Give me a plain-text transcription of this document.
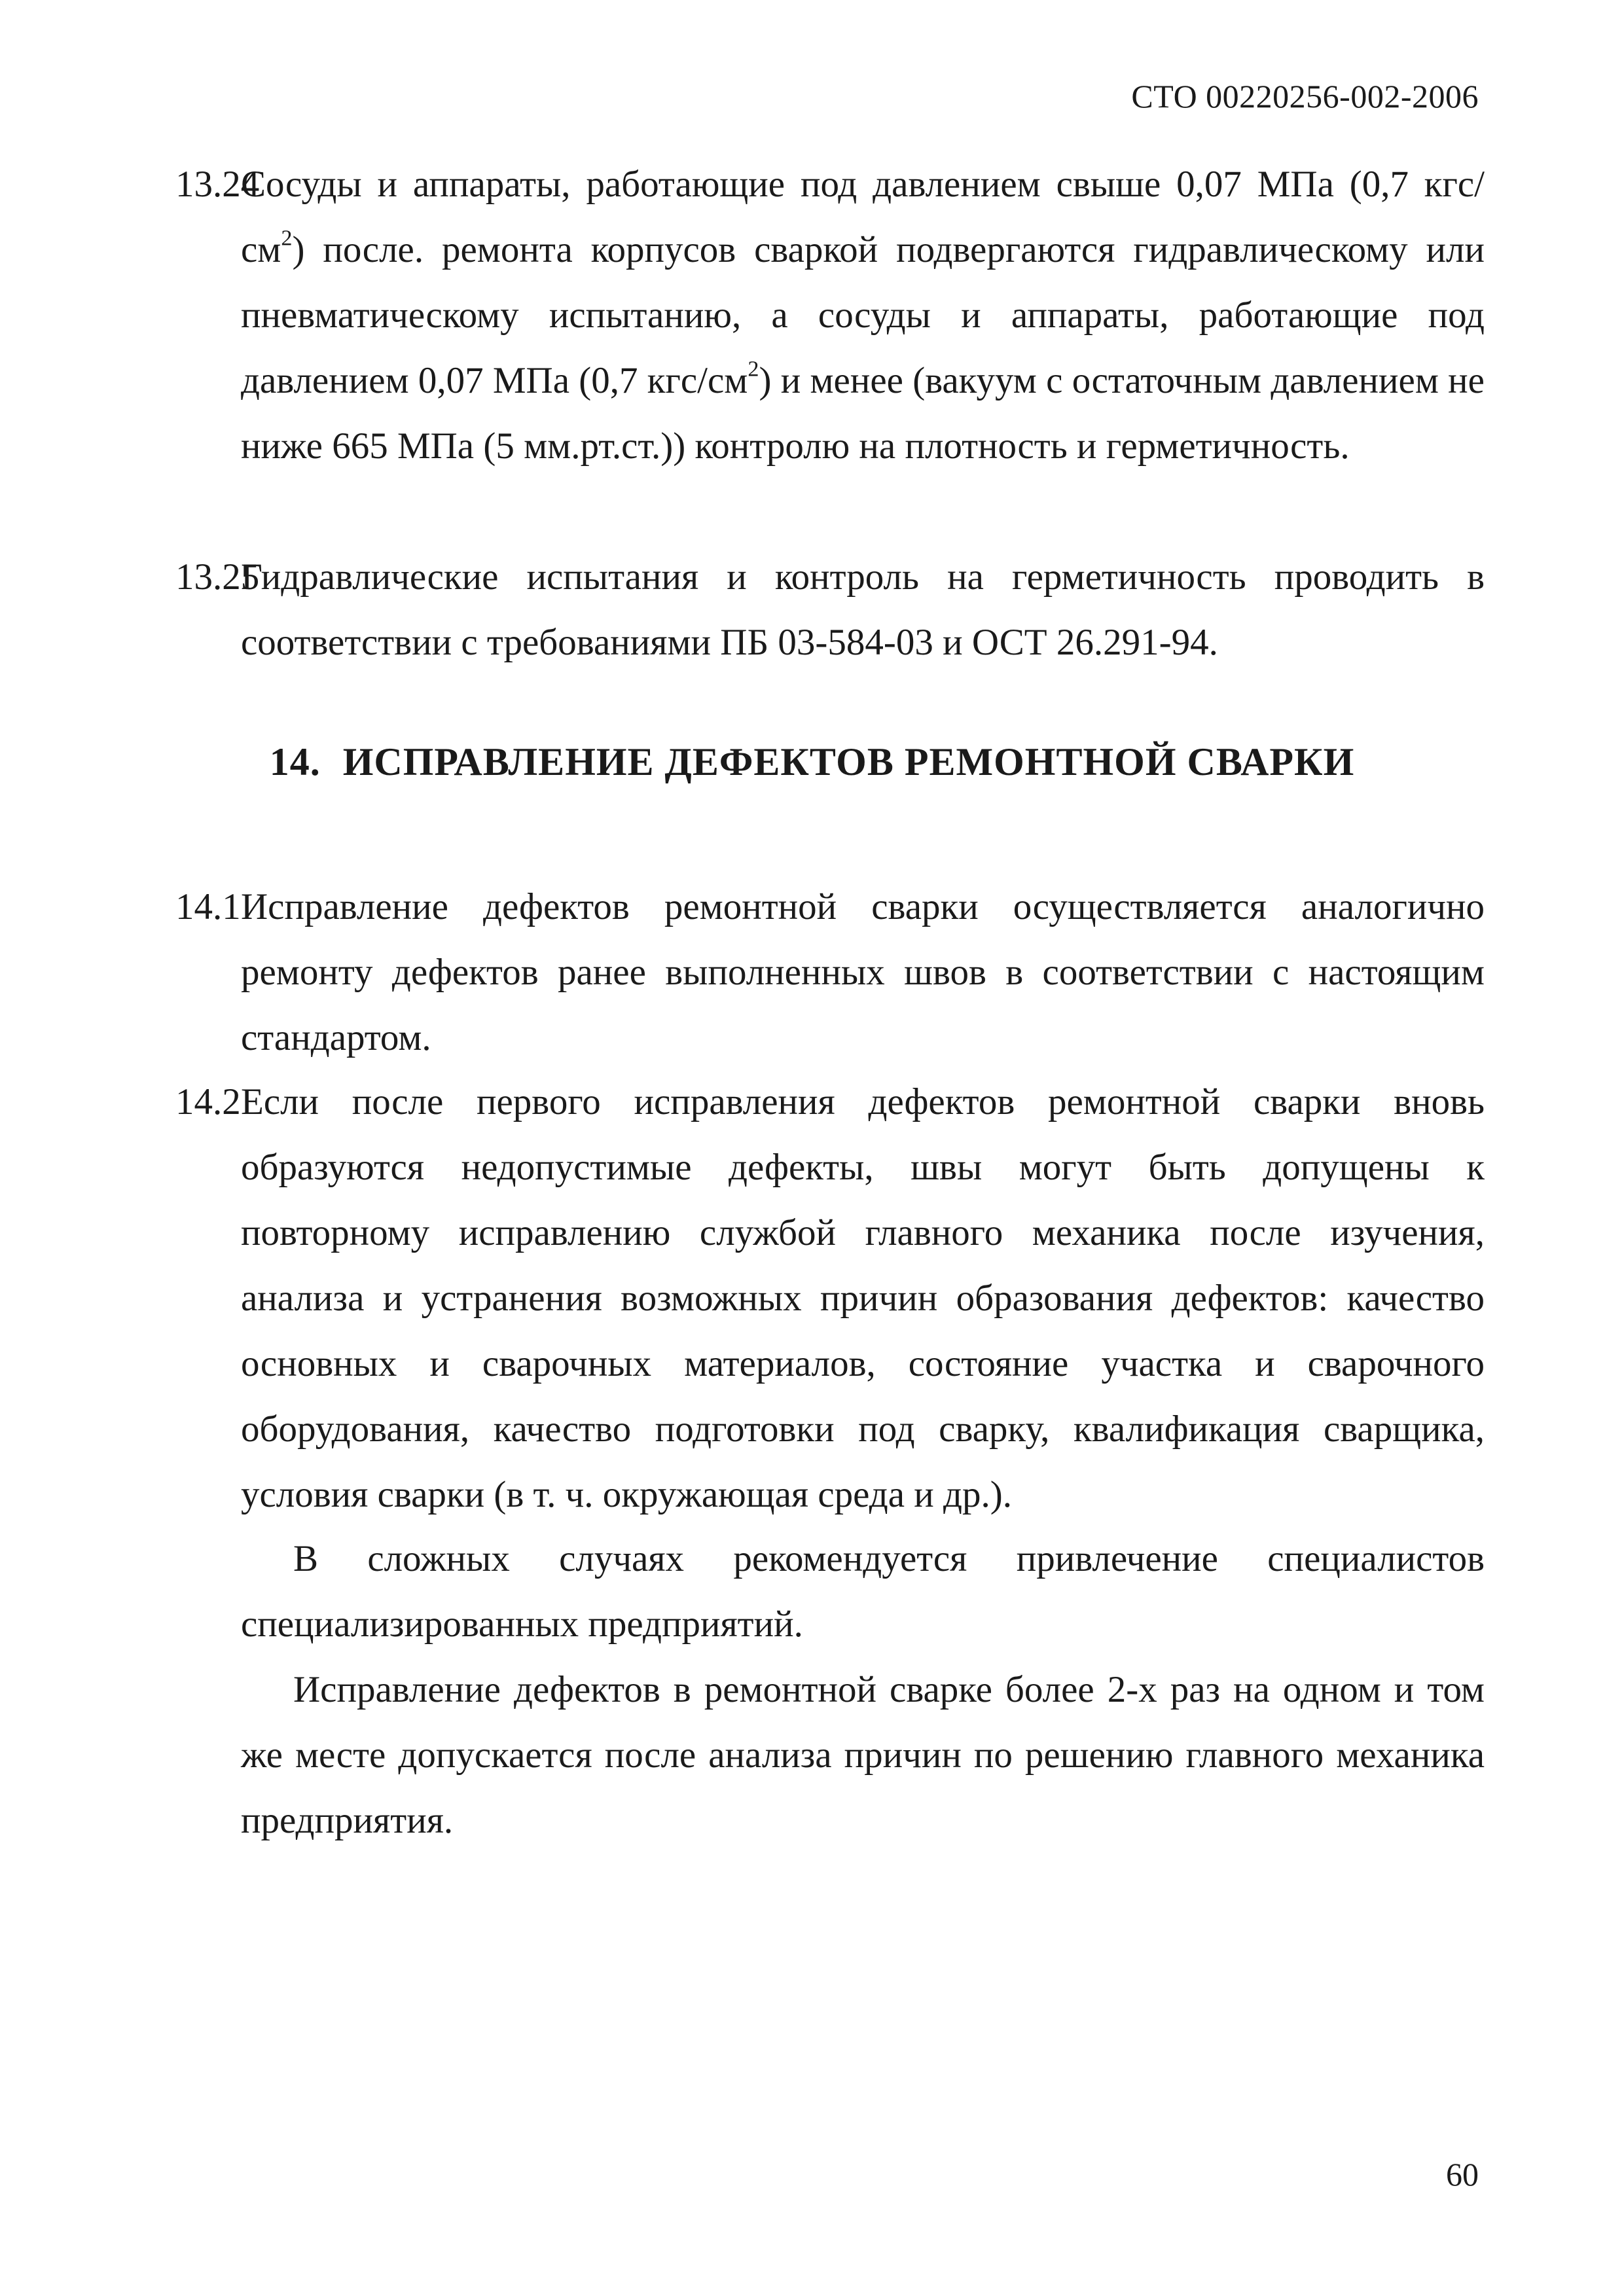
СТО 00220256-002-2006
13.24
Сосуды и аппараты, работающие под давлением свыше 0,07 МПа (0,7 кгс/$см^2$) после. ремонта корпусов сваркой подвергаются гидравлическому или пневматическому испытанию, а сосуды и аппараты, работающие под давлением 0,07 МПа (0,7 кгс/$см^2$) и менее (вакуум с остаточным давлением не ниже 665 МПа (5 мм.рт.ст.)) контролю на плотность и герметичность.
13.25
Гидравлические испытания и контроль на герметичность проводить в соответствии с требованиями ПБ 03-584-03 и ОСТ 26.291-94.
14. ИСПРАВЛЕНИЕ ДЕФЕКТОВ РЕМОНТНОЙ СВАРКИ
14.1 Исправление дефектов ремонтной сварки осуществляется аналогично ремонту дефектов ранее выполненных швов в соответствии с настоящим стандартом.
14.2 Если после первого исправления дефектов ремонтной сварки вновь образуются недопустимые дефекты, швы могут быть допущены к повторному исправлению службой главного механика после изучения, анализа и устранения возможных причин образования дефектов: качество основных и сварочных материалов, состояние участка и сварочного оборудования, качество подготовки под сварку, квалификация сварщика, условия сварки (в т. ч. окружающая среда и др.).
В сложных случаях рекомендуется привлечение специалистов специализированных предприятий.
Исправление дефектов в ремонтной сварке более 2-х раз на одном и том же месте допускается после анализа причин по решению главного механика предприятия.
60
